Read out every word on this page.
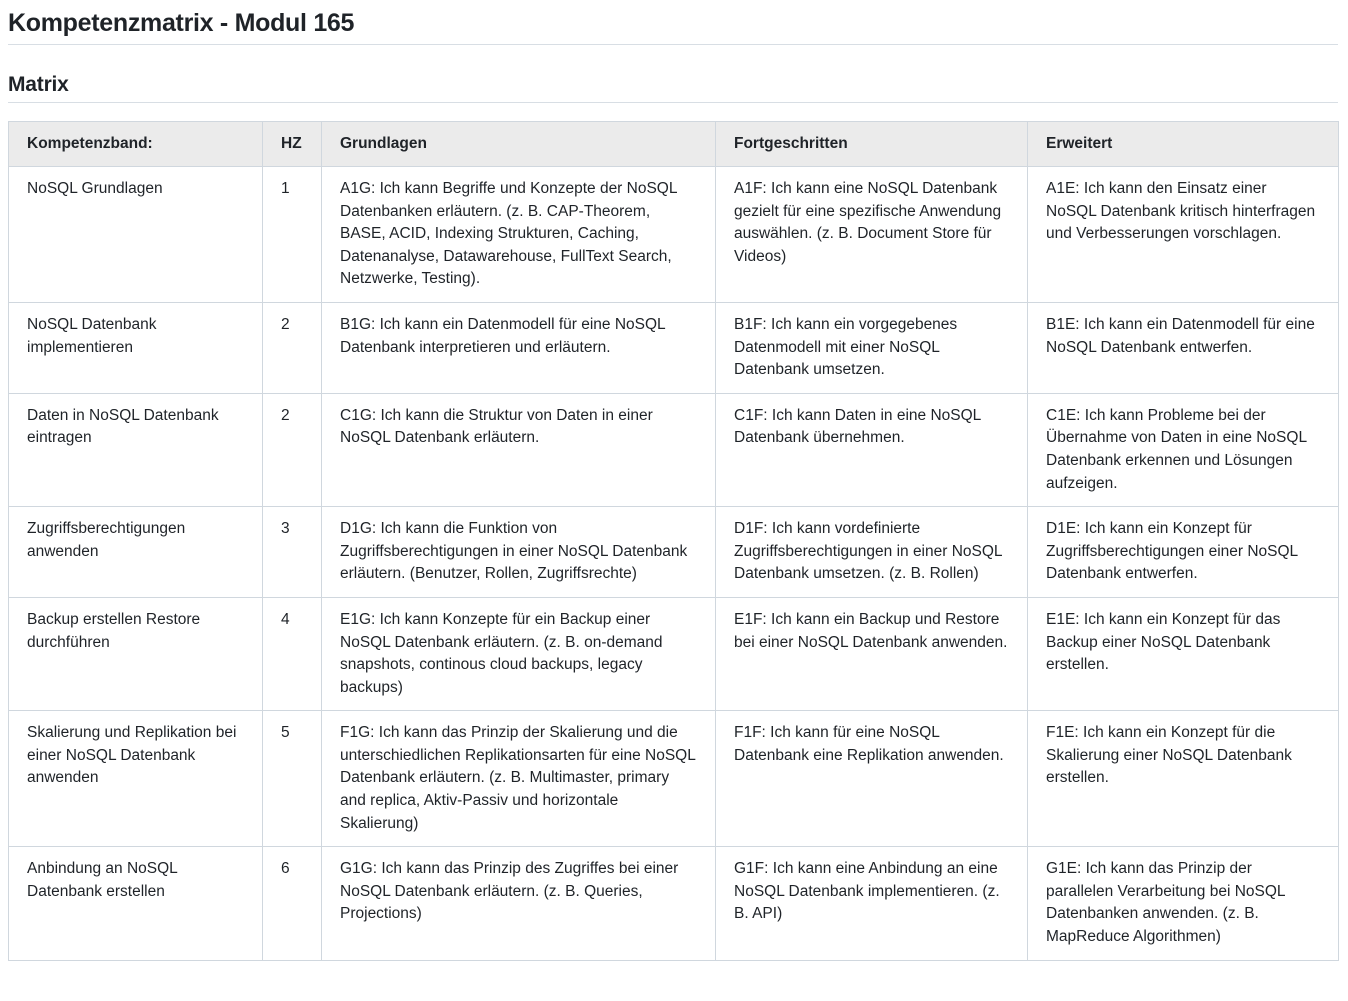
Kompetenzmatrix - Modul 165
Matrix
Kompetenzband:	HZ	Grundlagen	Fortgeschritten	Erweitert
NoSQL Grundlagen	1	A1G: Ich kann Begriffe und Konzepte der NoSQL Datenbanken erläutern. (z. B. CAP-Theorem, BASE, ACID, Indexing Strukturen, Caching, Datenanalyse, Datawarehouse, FullText Search, Netzwerke, Testing).	A1F: Ich kann eine NoSQL Datenbank gezielt für eine spezifische Anwendung auswählen. (z. B. Document Store für Videos)	A1E: Ich kann den Einsatz einer NoSQL Datenbank kritisch hinterfragen und Verbesserungen vorschlagen.
NoSQL Datenbank implementieren	2	B1G: Ich kann ein Datenmodell für eine NoSQL Datenbank interpretieren und erläutern.	B1F: Ich kann ein vorgegebenes Datenmodell mit einer NoSQL Datenbank umsetzen.	B1E: Ich kann ein Datenmodell für eine NoSQL Datenbank entwerfen.
Daten in NoSQL Datenbank eintragen	2	C1G: Ich kann die Struktur von Daten in einer NoSQL Datenbank erläutern.	C1F: Ich kann Daten in eine NoSQL Datenbank übernehmen.	C1E: Ich kann Probleme bei der Übernahme von Daten in eine NoSQL Datenbank erkennen und Lösungen aufzeigen.
Zugriffsberechtigungen anwenden	3	D1G: Ich kann die Funktion von Zugriffsberechtigungen in einer NoSQL Datenbank erläutern. (Benutzer, Rollen, Zugriffsrechte)	D1F: Ich kann vordefinierte Zugriffsberechtigungen in einer NoSQL Datenbank umsetzen. (z. B. Rollen)	D1E: Ich kann ein Konzept für Zugriffsberechtigungen einer NoSQL Datenbank entwerfen.
Backup erstellen Restore durchführen	4	E1G: Ich kann Konzepte für ein Backup einer NoSQL Datenbank erläutern. (z. B. on-demand snapshots, continous cloud backups, legacy backups)	E1F: Ich kann ein Backup und Restore bei einer NoSQL Datenbank anwenden.	E1E: Ich kann ein Konzept für das Backup einer NoSQL Datenbank erstellen.
Skalierung und Replikation bei einer NoSQL Datenbank anwenden	5	F1G: Ich kann das Prinzip der Skalierung und die unterschiedlichen Replikationsarten für eine NoSQL Datenbank erläutern. (z. B. Multimaster, primary and replica, Aktiv-Passiv und horizontale Skalierung)	F1F: Ich kann für eine NoSQL Datenbank eine Replikation anwenden.	F1E: Ich kann ein Konzept für die Skalierung einer NoSQL Datenbank erstellen.
Anbindung an NoSQL Datenbank erstellen	6	G1G: Ich kann das Prinzip des Zugriffes bei einer NoSQL Datenbank erläutern. (z. B. Queries, Projections)	G1F: Ich kann eine Anbindung an eine NoSQL Datenbank implementieren. (z. B. API)	G1E: Ich kann das Prinzip der parallelen Verarbeitung bei NoSQL Datenbanken anwenden. (z. B. MapReduce Algorithmen)
